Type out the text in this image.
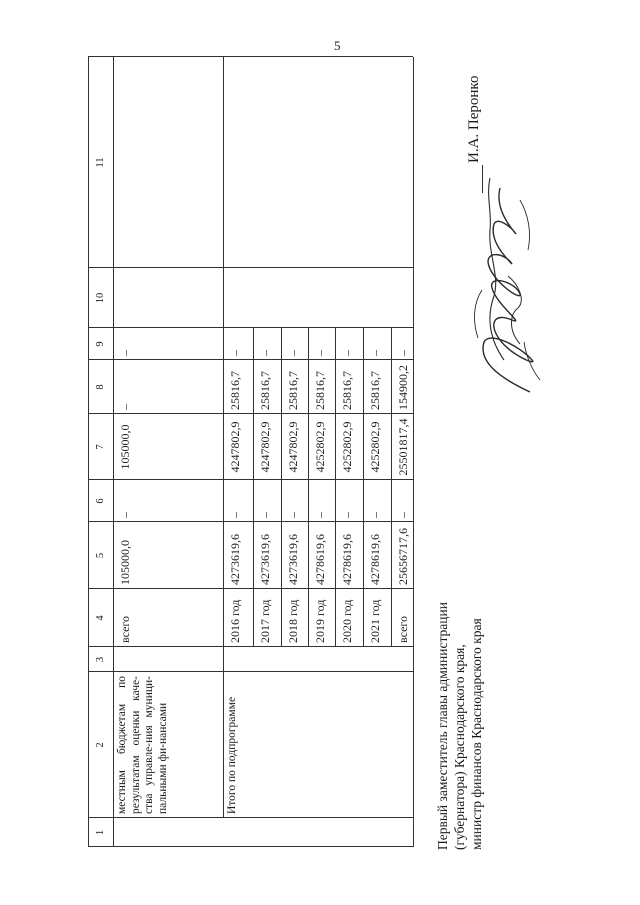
5
1
2
3
4
5
6
7
8
9
10
11
местным бюджетам по результатам оценки каче-ства управле-ния муници-пальными фи-нансами
всего
105000,0
–
105000,0
–
–
Итого по подпрограмме
2016 год
4273619,6
–
4247802,9
25816,7
–
2017 год
4273619,6
–
4247802,9
25816,7
–
2018 год
4273619,6
–
4247802,9
25816,7
–
2019 год
4278619,6
–
4252802,9
25816,7
–
2020 год
4278619,6
–
4252802,9
25816,7
–
2021 год
4278619,6
–
4252802,9
25816,7
–
всего
25656717,6
–
25501817,4
154900,2
–
Первый заместитель главы администрации (губернатора) Краснодарского края, министр финансов Краснодарского края
И.А. Перонко
